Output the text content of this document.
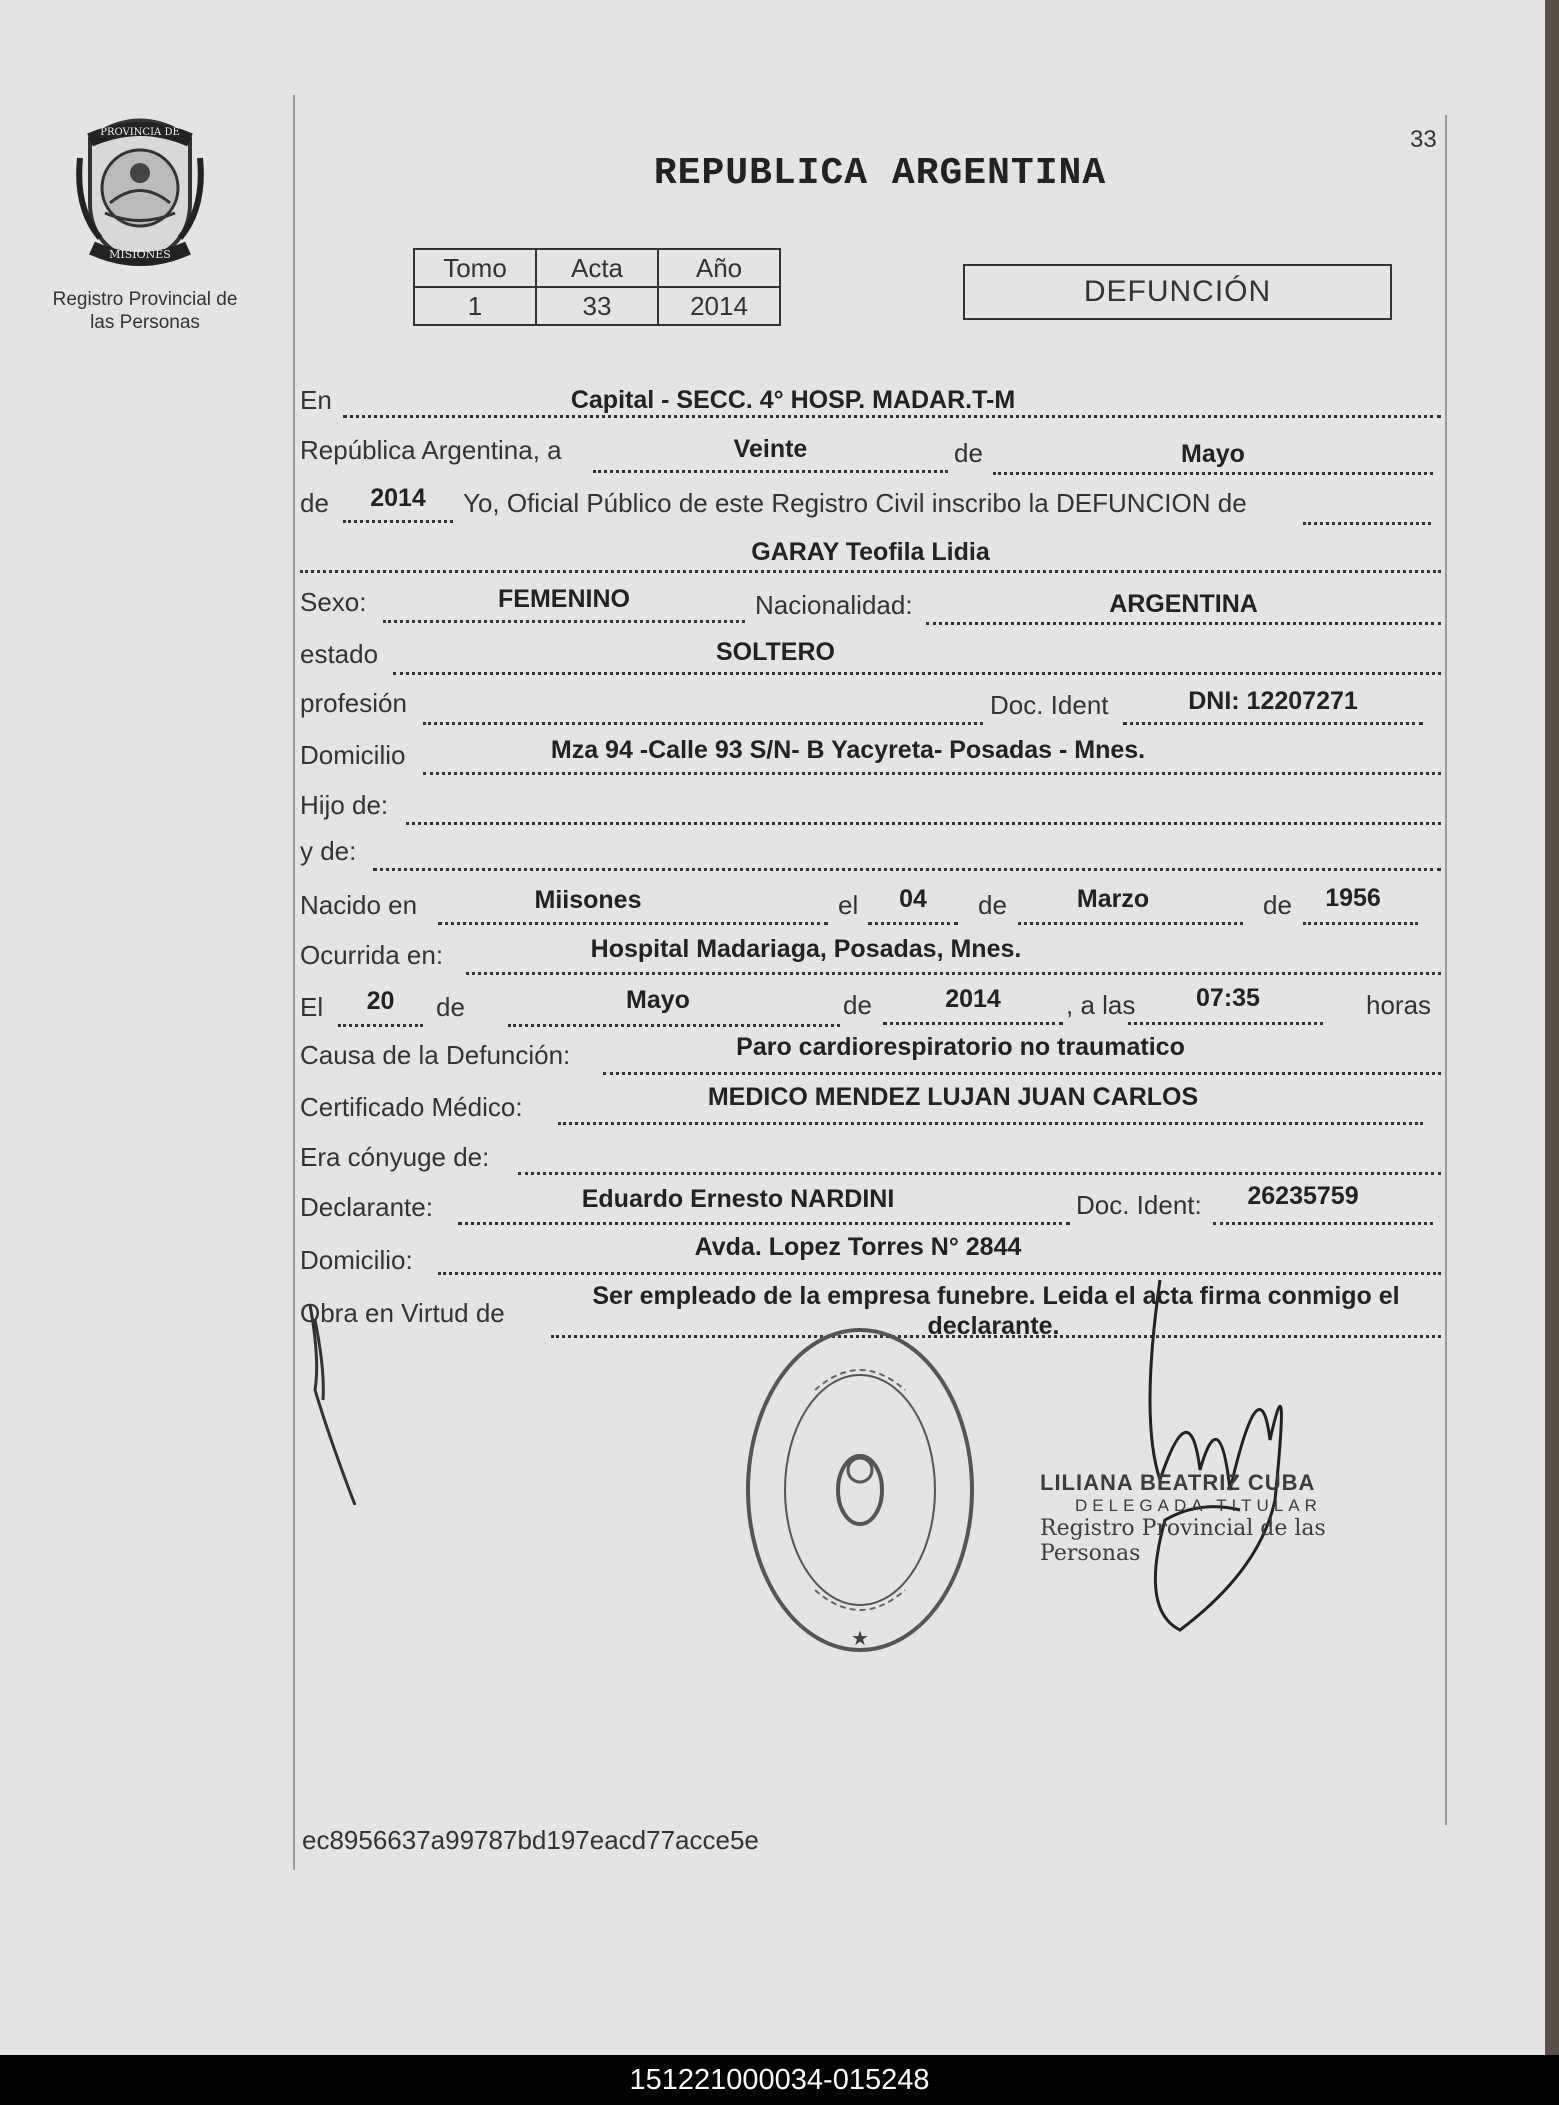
33
PROVINCIA DE
MISIONES
Registro Provincial de
las Personas
REPUBLICA ARGENTINA
Tomo	Acta	Año
1	33	2014	DEFUNCIÓN
En	Capital - SECC. 4° HOSP. MADAR.T-M
República Argentina, a	Veinte	de	Mayo
de	2014	Yo, Oficial Público de este Registro Civil inscribo la DEFUNCION de
GARAY Teofila Lidia
Sexo:	FEMENINO	Nacionalidad:	ARGENTINA
estado	SOLTERO
profesión	Doc. Ident	DNI: 12207271
Domicilio	Mza 94 -Calle 93 S/N- B Yacyreta- Posadas - Mnes.
Hijo de:
y de:
Nacido en	Miisones	el	04	de	Marzo	de	1956
Ocurrida en:	Hospital Madariaga, Posadas, Mnes.
El	20	de	Mayo	de	2014	, a las	07:35	horas
Causa de la Defunción:	Paro cardiorespiratorio no traumatico
Certificado Médico:	MEDICO MENDEZ LUJAN JUAN CARLOS
Era cónyuge de:
Declarante:	Eduardo Ernesto NARDINI	Doc. Ident:	26235759
Domicilio:	Avda. Lopez Torres N° 2844
Obra en Virtud de
Ser empleado de la empresa funebre. Leida el acta firma conmigo el
declarante.
★
LILIANA BEATRIZ CUBA
DELEGADA TITULAR
Registro Provincial de las Personas
ec8956637a99787bd197eacd77acce5e
151221000034-015248
